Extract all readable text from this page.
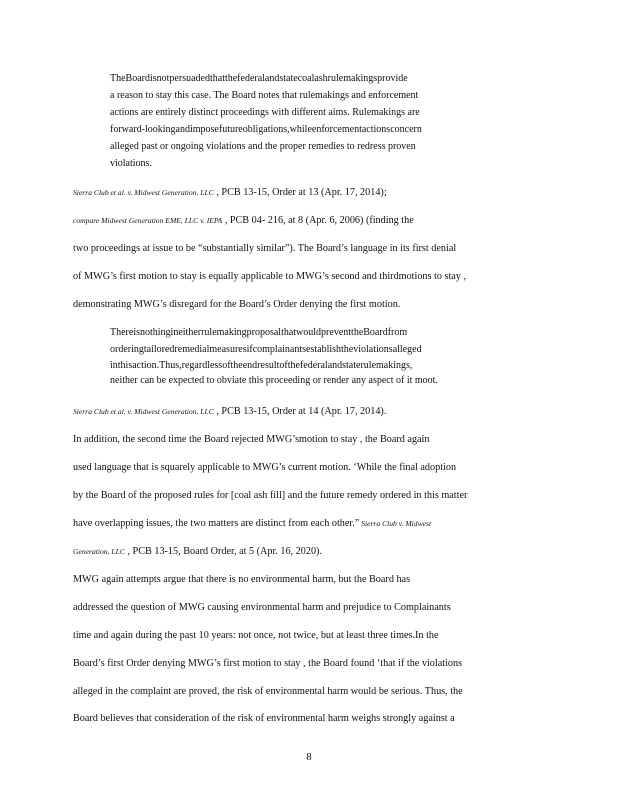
TheBoardisnotpersuadedthatthefederalandstatecoalashrulemakingsprovide
a reason to stay this case. The Board notes that rulemakings and enforcement
actions are entirely distinct proceedings with different aims. Rulemakings are
forward-lookingandimposefutureobligations,whileenforcementactionsconcern
alleged past or ongoing violations and the proper remedies to redress proven
violations.
Sierra Club et al. v. Midwest Generation, LLC , PCB 13-15, Order at 13 (Apr. 17, 2014);
compare Midwest Generation EME, LLC v. IEPA , PCB 04- 216, at 8 (Apr. 6, 2006) (finding the
two proceedings at issue to be “substantially similar”). The Board’s language in its first denial
of MWG’s first motion to stay is equally applicable to MWG’s second and thirdmotions to stay ,
demonstrating MWG’s disregard for the Board’s Order denying the first motion.
ThereisnothingineitherrulemakingproposalthatwouldpreventtheBoardfrom
orderingtailoredremedialmeasuresifcomplainantsestablishtheviolationsalleged
inthisaction.Thus,regardlessoftheendresultofthefederalandstaterulemakings,
neither can be expected to obviate this proceeding or render any aspect of it moot.
Sierra Club et al. v. Midwest Generation, LLC , PCB 13-15, Order at 14 (Apr. 17, 2014).
In addition, the second time the Board rejected MWG’smotion to stay , the Board again
used language that is squarely applicable to MWG’s current motion. ‘While the final adoption
by the Board of the proposed rules for [coal ash fill] and the future remedy ordered in this matter
have overlapping issues, the two matters are distinct from each other.” Sierra Club v. Midwest
Generation, LLC , PCB 13-15, Board Order, at 5 (Apr. 16, 2020).
MWG again attempts argue that there is no environmental harm, but the Board has
addressed the question of MWG causing environmental harm and prejudice to Complainants
time and again during the past 10 years: not once, not twice, but at least three times.In the
Board’s first Order denying MWG’s first motion to stay , the Board found ‘that if the violations
alleged in the complaint are proved, the risk of environmental harm would be serious. Thus, the
Board believes that consideration of the risk of environmental harm weighs strongly against a
8
